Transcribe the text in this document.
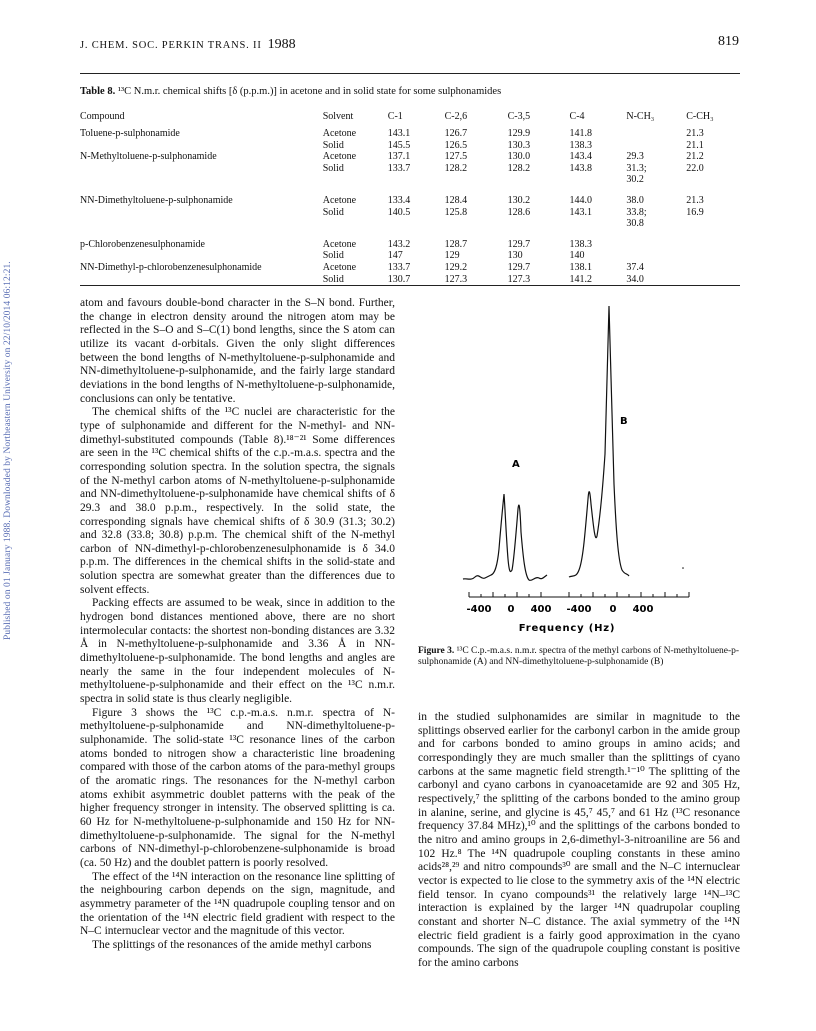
Published on 01 January 1988. Downloaded by Northeastern University on 22/10/2014 06:12:21.
J. CHEM. SOC. PERKIN TRANS. II 1988	819
Table 8. ¹³C N.m.r. chemical shifts [δ (p.p.m.)] in acetone and in solid state for some sulphonamides
Compound	Solvent	C-1	C-2,6	C-3,5	C-4	N-CH₃	C-CH₃
Toluene-p-sulphonamide	Acetone	143.1	126.7	129.9	141.8		21.3
	Solid	145.5	126.5	130.3	138.3		21.1
N-Methyltoluene-p-sulphonamide	Acetone	137.1	127.5	130.0	143.4	29.3	21.2
	Solid	133.7	128.2	128.2	143.8	31.3;	22.0
						30.2	
NN-Dimethyltoluene-p-sulphonamide	Acetone	133.4	128.4	130.2	144.0	38.0	21.3
	Solid	140.5	125.8	128.6	143.1	33.8;	16.9
						30.8	
p-Chlorobenzenesulphonamide	Acetone	143.2	128.7	129.7	138.3		
	Solid	147	129	130	140		
NN-Dimethyl-p-chlorobenzenesulphonamide	Acetone	133.7	129.2	129.7	138.1	37.4	
	Solid	130.7	127.3	127.3	141.2	34.0	

atom and favours double-bond character in the S–N bond. Further, the change in electron density around the nitrogen atom may be reflected in the S–O and S–C(1) bond lengths, since the S atom can utilize its vacant d-orbitals. Given the only slight differences between the bond lengths of N-methyltoluene-p-sulphonamide and NN-dimethyltoluene-p-sulphonamide, and the fairly large standard deviations in the bond lengths of N-methyltoluene-p-sulphonamide, conclusions can only be tentative.

The chemical shifts of the ¹³C nuclei are characteristic for the type of sulphonamide and different for the N-methyl- and NN-dimethyl-substituted compounds (Table 8).¹⁸⁻²¹ Some differences are seen in the ¹³C chemical shifts of the c.p.-m.a.s. spectra and the corresponding solution spectra. In the solution spectra, the signals of the N-methyl carbon atoms of N-methyltoluene-p-sulphonamide and NN-dimethyltoluene-p-sulphonamide have chemical shifts of δ 29.3 and 38.0 p.p.m., respectively. In the solid state, the corresponding signals have chemical shifts of δ 30.9 (31.3; 30.2) and 32.8 (33.8; 30.8) p.p.m. The chemical shift of the N-methyl carbon of NN-dimethyl-p-chlorobenzenesulphonamide is δ 34.0 p.p.m. The differences in the chemical shifts in the solid-state and solution spectra are somewhat greater than the differences due to solvent effects.

Packing effects are assumed to be weak, since in addition to the hydrogen bond distances mentioned above, there are no short intermolecular contacts: the shortest non-bonding distances are 3.32 Å in N-methyltoluene-p-sulphonamide and 3.36 Å in NN-dimethyltoluene-p-sulphonamide. The bond lengths and angles are nearly the same in the four independent molecules of N-methyltoluene-p-sulphonamide and their effect on the ¹³C n.m.r. spectra in solid state is thus clearly negligible.

Figure 3 shows the ¹³C c.p.-m.a.s. n.m.r. spectra of N-methyltoluene-p-sulphonamide and NN-dimethyltoluene-p-sulphonamide. The solid-state ¹³C resonance lines of the carbon atoms bonded to nitrogen show a characteristic line broadening compared with those of the carbon atoms of the para-methyl groups of the aromatic rings. The resonances for the N-methyl carbon atoms exhibit asymmetric doublet patterns with the peak of the higher frequency stronger in intensity. The observed splitting is ca. 60 Hz for N-methyltoluene-p-sulphonamide and 150 Hz for NN-dimethyltoluene-p-sulphonamide. The signal for the N-methyl carbons of NN-dimethyl-p-chlorobenzene-sulphonamide is broad (ca. 50 Hz) and the doublet pattern is poorly resolved.

The effect of the ¹⁴N interaction on the resonance line splitting of the neighbouring carbon depends on the sign, magnitude, and asymmetry parameter of the ¹⁴N quadrupole coupling tensor and on the orientation of the ¹⁴N electric field gradient with respect to the N–C internuclear vector and the magnitude of this vector.

The splittings of the resonances of the amide methyl carbons

A
B
-400 0 400 -400 0 400
Frequency (Hz)
Figure 3. ¹³C C.p.-m.a.s. n.m.r. spectra of the methyl carbons of N-methyltoluene-p-sulphonamide (A) and NN-dimethyltoluene-p-sulphonamide (B)

in the studied sulphonamides are similar in magnitude to the splittings observed earlier for the carbonyl carbon in the amide group and for carbons bonded to amino groups in amino acids; and correspondingly they are much smaller than the splittings of cyano carbons at the same magnetic field strength.¹⁻¹⁰ The splitting of the carbonyl and cyano carbons in cyanoacetamide are 92 and 305 Hz, respectively,⁷ the splitting of the carbons bonded to the amino group in alanine, serine, and glycine is 45,⁷ 45,⁷ and 61 Hz (¹³C resonance frequency 37.84 MHz),¹⁰ and the splittings of the carbons bonded to the nitro and amino groups in 2,6-dimethyl-3-nitroaniline are 56 and 102 Hz.⁸ The ¹⁴N quadrupole coupling constants in these amino acids²⁸,²⁹ and nitro compounds³⁰ are small and the N–C internuclear vector is expected to lie close to the symmetry axis of the ¹⁴N electric field tensor. In cyano compounds³¹ the relatively large ¹⁴N–¹³C interaction is explained by the larger ¹⁴N quadrupolar coupling constant and shorter N–C distance. The axial symmetry of the ¹⁴N electric field gradient is a fairly good approximation in the cyano compounds. The sign of the quadrupole coupling constant is positive for the amino carbons
